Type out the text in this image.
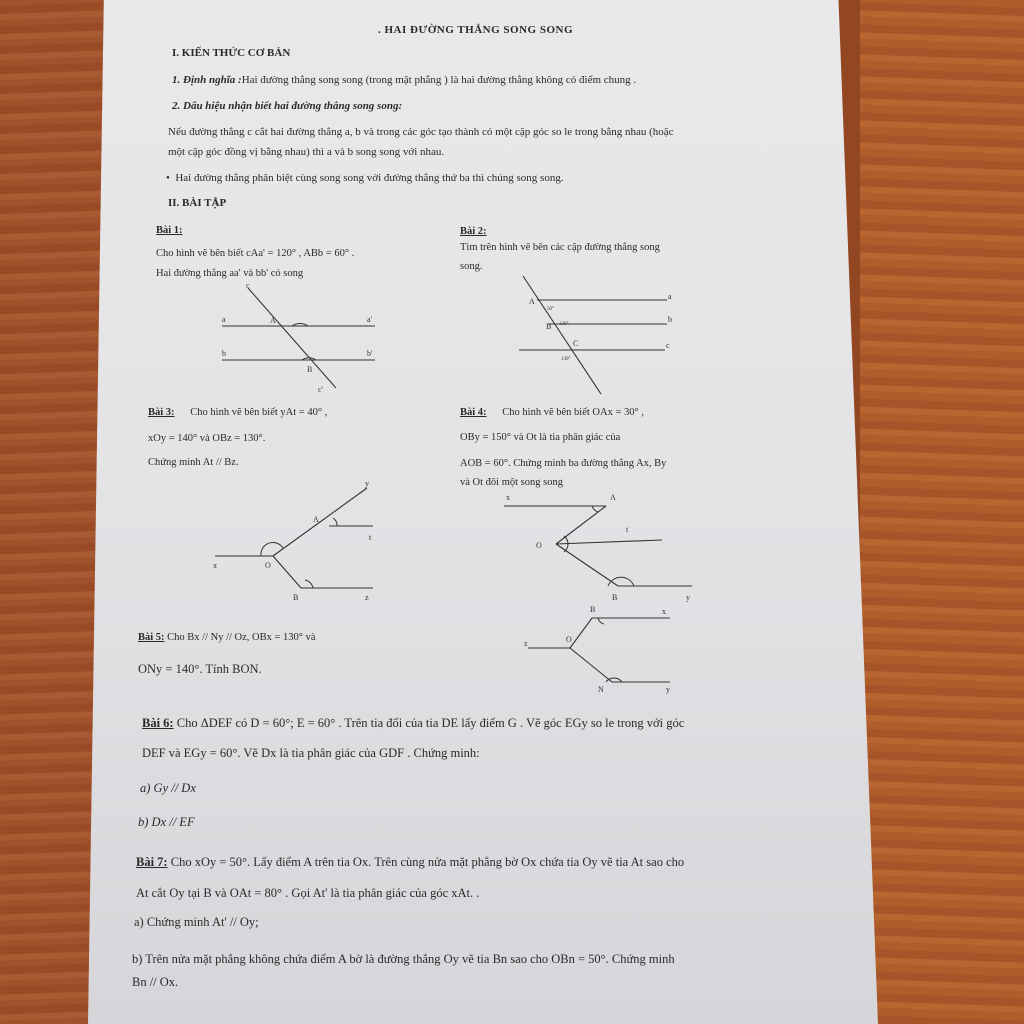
. HAI ĐƯỜNG THẲNG SONG SONG
I. KIẾN THỨC CƠ BẢN
1. Định nghĩa :Hai đường thẳng song song (trong mặt phẳng ) là hai đường thẳng không có điểm chung .
2. Dấu hiệu nhận biết hai đường thẳng song song:
Nếu đường thẳng c cắt hai đường thẳng a, b và trong các góc tạo thành có một cặp góc so le trong bằng nhau (hoặc
một cặp góc đồng vị bằng nhau) thì a và b song song với nhau.
•  Hai đường thẳng phân biệt cùng song song với đường thẳng thứ ba thì chúng song song.
II. BÀI TẬP
Bài 1:
Cho hình vẽ bên biết cAa' = 120° , ABb = 60° .
Hai đường thẳng aa' và bb' có song
c
a	A	a'
b	b'
B
c'
Bài 2:
Tìm trên hình vẽ bên các cặp đường thẳng song
song.
A
a
B
b
C	c
50°
130°
130°
Bài 3: Cho hình vẽ bên biết yAt = 40° ,
xOy = 140° và OBz = 130°.
Chứng minh At // Bz.
y
A
t
x	O
B	z
Bài 4: Cho hình vẽ bên biết OAx = 30° ,
OBy = 150° và Ot là tia phân giác của
AOB = 60°. Chứng minh ba đường thẳng Ax, By
và Ot đôi một song song
x	A
t
O
B	y
Bài 5: Cho Bx // Ny // Oz, OBx = 130° và
ONy = 140°. Tính BON.
B	x
z	O
N	y
Bài 6: Cho ΔDEF có D = 60°; E = 60° . Trên tia đối của tia DE lấy điểm G . Vẽ góc EGy so le trong với góc
DEF và EGy = 60°. Vẽ Dx là tia phân giác của GDF . Chứng minh:
a) Gy // Dx
b) Dx // EF
Bài 7: Cho xOy = 50°. Lấy điểm A trên tia Ox. Trên cùng nửa mặt phẳng bờ Ox chứa tia Oy vẽ tia At sao cho
At cắt Oy tại B và OAt = 80° . Gọi At' là tia phân giác của góc xAt. .
a) Chứng minh At' // Oy;
b) Trên nửa mặt phẳng không chứa điểm A bờ là đường thẳng Oy vẽ tia Bn sao cho OBn = 50°. Chứng minh
Bn // Ox.
